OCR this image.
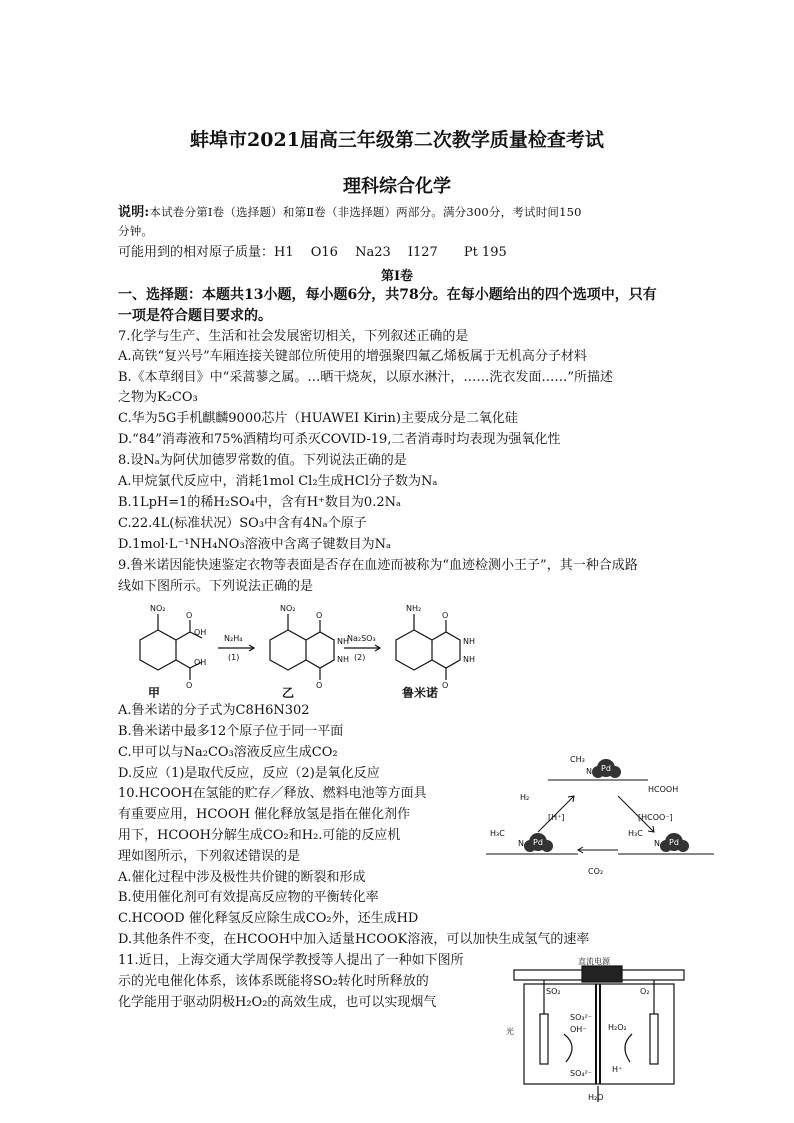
蚌埠市2021届高三年级第二次教学质量检查考试
理科综合化学
说明:本试卷分第Ⅰ卷（选择题）和第Ⅱ卷（非选择题）两部分。满分300分，考试时间150
分钟。
可能用到的相对原子质量：H1　 O16　 Na23　 I127　　Pt 195
第Ⅰ卷
一、选择题：本题共13小题，每小题6分，共78分。在每小题给出的四个选项中，只有
一项是符合题目要求的。
7.化学与生产、生活和社会发展密切相关，下列叙述正确的是
A.高铁“复兴号”车厢连接关键部位所使用的增强聚四氟乙烯板属于无机高分子材料
B.《本草纲目》中“采蒿蓼之属。…晒干烧灰，以原水淋汁，……洗衣发面……”所描述
之物为K₂CO₃
C.华为5G手机麒麟9000芯片（HUAWEI Kirin)主要成分是二氧化硅
D.“84”消毒液和75%酒精均可杀灭COVID-19,二者消毒时均表现为强氧化性
8.设Nₐ为阿伏加德罗常数的值。下列说法正确的是
A.甲烷氯代反应中，消耗1mol Cl₂生成HCl分子数为Nₐ
B.1LpH=1的稀H₂SO₄中，含有H⁺数目为0.2Nₐ
C.22.4L(标准状况）SO₃中含有4Nₐ个原子
D.1mol·L⁻¹NH₄NO₃溶液中含离子键数目为Nₐ
9.鲁米诺因能快速鉴定衣物等表面是否存在血迹而被称为“血迹检测小王子”，其一种合成路
线如下图所示。下列说法正确的是
NO₂
OH
OH
O
O
N₂H₄
(1)
NO₂
O
O
NH
NH
Na₂SO₃
(2)
NH₂
O
O
NH
NH
甲	乙	鲁米诺
A.鲁米诺的分子式为C8H6N302
B.鲁米诺中最多12个原子位于同一平面
C.甲可以与Na₂CO₃溶液反应生成CO₂
D.反应（1)是取代反应，反应（2)是氧化反应
10.HCOOH在氢能的贮存／释放、燃料电池等方面具
有重要应用，HCOOH 催化释放氢是指在催化剂作
用下，HCOOH分解生成CO₂和H₂.可能的反应机
理如图所示，下列叙述错误的是
A.催化过程中涉及极性共价键的断裂和形成
B.使用催化剂可有效提高反应物的平衡转化率
C.HCOOD 催化释氢反应除生成CO₂外，还生成HD
D.其他条件不变，在HCOOH中加入适量HCOOK溶液，可以加快生成氢气的速率
CH₃
N Pd
H₃C
N Pd
H₃C
N Pd
H₂
HCOOH
CO₂
[H⁺]	[HCOO⁻]
11.近日，上海交通大学周保学教授等人提出了一种如下图所
示的光电催化体系，该体系既能将SO₂转化时所释放的
化学能用于驱动阴极H₂O₂的高效生成，也可以实现烟气
直流电源
SO₂	O₂
光
SO₃²⁻
OH⁻
SO₄²⁻
H₂O₂
H⁺
H₂O
